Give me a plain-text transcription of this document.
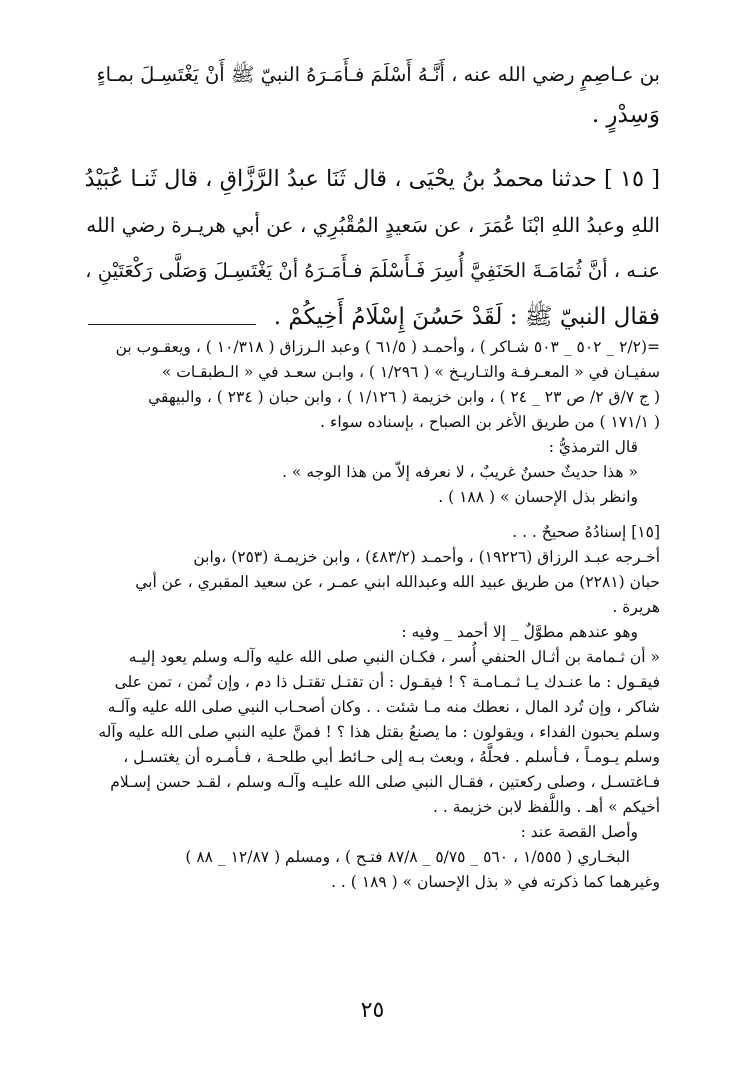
بن عـاصِمٍ رضي الله عنه ، أَنَّـهُ أَسْلَمَ فـأَمَـرَهُ النبيّ ﷺ أَنْ يَغْتَسِـلَ بمـاءٍ

وَسِدْرٍ .

[ ١٥ ] حدثنا محمدُ بنُ يحْيَى ، قال ثَنَا عبدُ الرَّزَّاقِ ، قال ثَنـا عُبَيْدُ

اللهِ وعبدُ اللهِ ابْنَا عُمَرَ ، عن سَعيدٍ المُقْبُرِي ، عن أبي هريـرة رضي الله

عنـه ، أنَّ ثُمَامَـةَ الحَنَفِيَّ أُسِرَ فَـأَسْلَمَ فـأَمَـرَهُ أنْ يَغْتَسِـلَ وَصَلَّى رَكْعَتَيْنِ ،

فقال النبيّ ﷺ : لَقَدْ حَسُنَ إِسْلَامُ أَخِيكُمْ .

=(٢/٢ _ ٥٠٢ _ ٥٠٣ شـاكر ) ، وأحمـد ( ٦١/٥ ) وعبد الـرزاق ( ١٠/٣١٨ ) ، ويعقـوب بن

سفيـان في « المعـرفـة والتـاريـخ » ( ١/٢٩٦ ) ، وابـن سعـد في « الـطبقـات »

( ج ٧/ق ٢/ ص ٢٣ _ ٢٤ ) ، وابن خزيمة ( ١/١٢٦ ) ، وابن حبان ( ٢٣٤ ) ، والبيهقي

( ١٧١/١ ) من طريق الأغر بن الصباح ، بإسناده سواء .

قال الترمذيُّ :

« هذا حديثٌ حسنٌ غريبٌ ، لا نعرفه إلاّ من هذا الوجه » .

وانظر بذل الإحسان » ( ١٨٨ ) .

[١٥] إسنادُهُ صحيحٌ . . .

أخـرجه عبـد الرزاق (١٩٢٢٦) ، وأحمـد (٤٨٣/٢) ، وابن خزيمـة (٢٥٣) ،وابن

حبان (٢٢٨١) من طريق عبيد الله وعبدالله ابني عمـر ، عن سعيد المقبري ، عن أبي

هريرة .

وهو عندهم مطوَّلٌ _ إلا أحمد _ وفيه :

« أن ثـمامة بن أثـال الحنفي أُسر ، فكـان النبي صلى الله عليه وآلـه وسلم يعود إليـه

فيقـول : ما عنـدك يـا ثـمـامـة ؟ ! فيقـول : أن تقتـل تقتـل ذا دم ، وإن تُمن ، تمن على

شاكر ، وإن تُرد المال ، نعطك منه مـا شئت . . وكان أصحـاب النبي صلى الله عليه وآلـه

وسلم يحبون الفداء ، ويقولون : ما يصنعُ بقتل هذا ؟ ! فمنَّ عليه النبي صلى الله عليه وآله

وسلم يـومـاً ، فـأسلم . فحلَّهُ ، وبعث بـه إلى حـائط أبي طلحـة ، فـأمـره أن يغتسـل ،

فـاغتسـل ، وصلى ركعتين ، فقـال النبي صلى الله عليـه وآلـه وسلم ، لقـد حسن إسـلام

أخيكم » أهـ . واللَّفظ لابن خزيمة . .

وأصل القصة عند :

البخـاري ( ١/٥٥٥ ، ٥٦٠ _ ٥/٧٥ _ ٨٧/٨ فتـح ) ، ومسلم ( ١٢/٨٧ _ ٨٨ )

وغيرهما كما ذكرته في « بذل الإحسان » ( ١٨٩ ) . .

٢٥
